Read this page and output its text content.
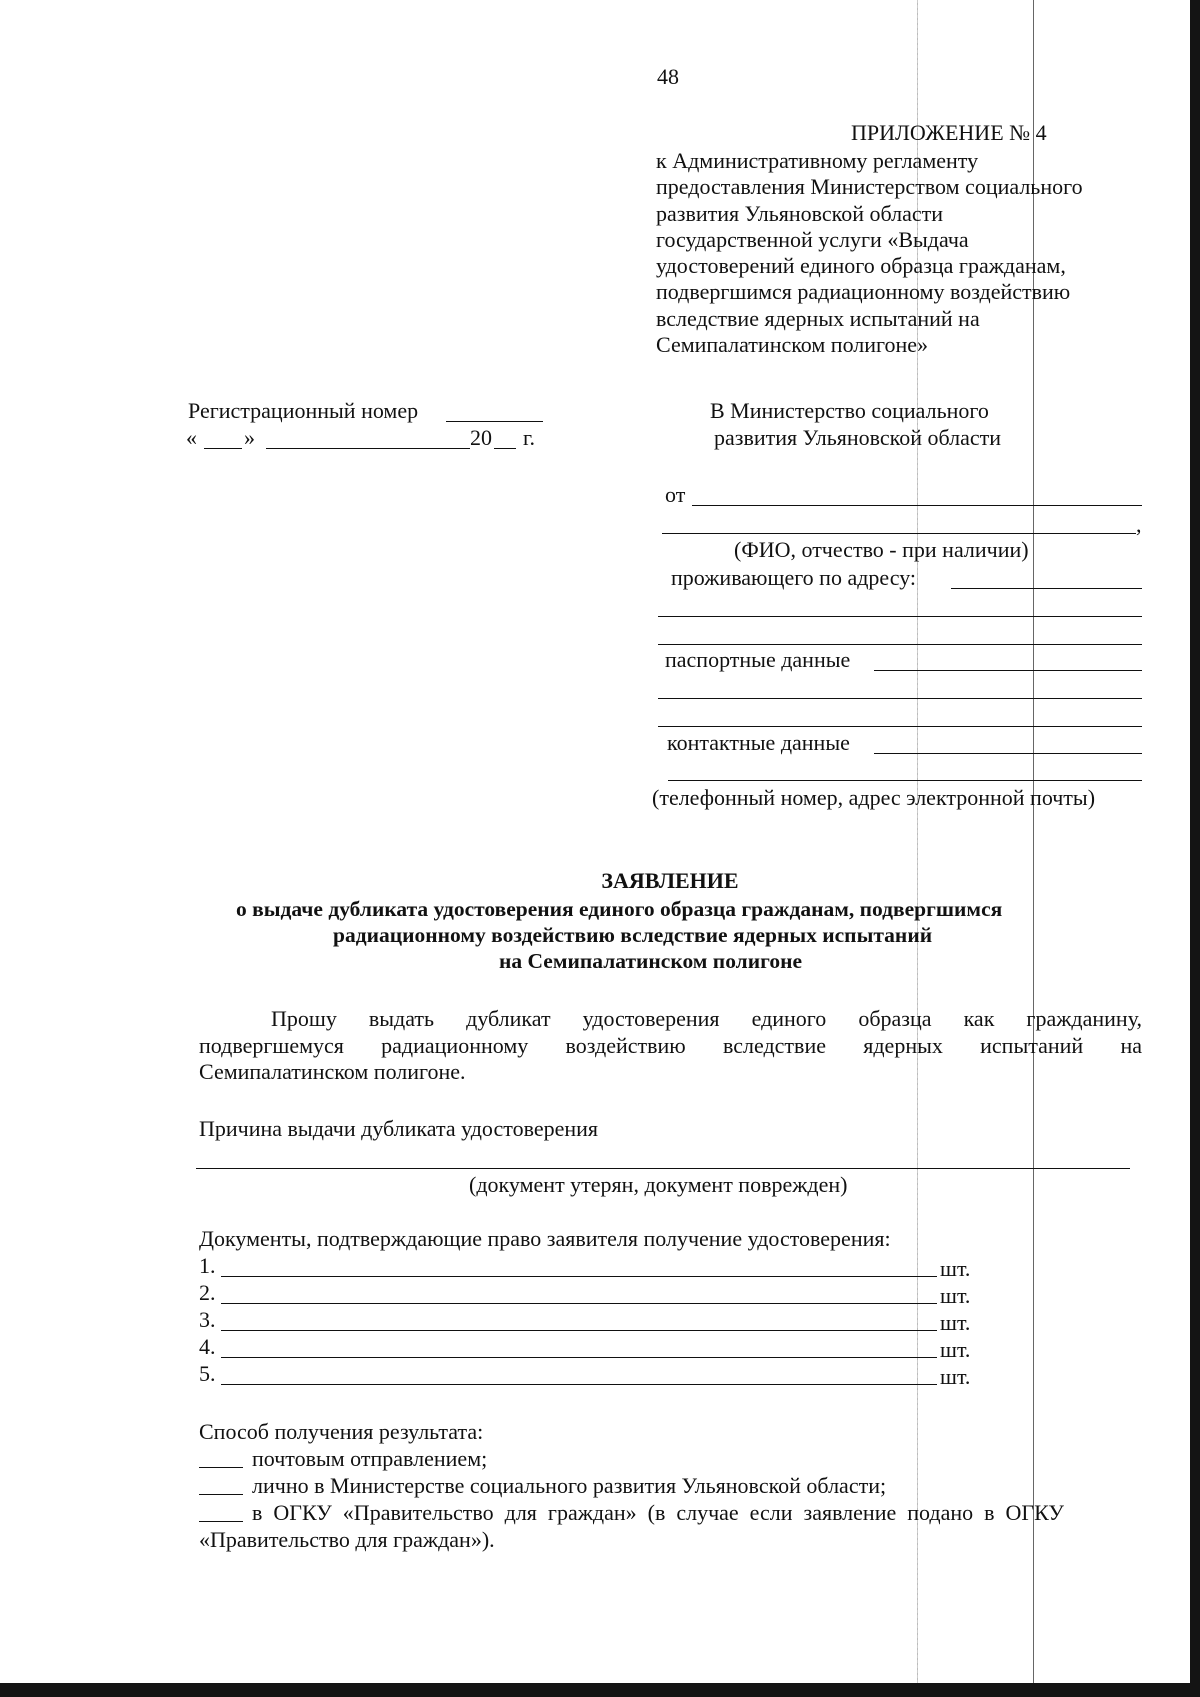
48
ПРИЛОЖЕНИЕ № 4
к Административному регламенту
предоставления Министерством социального
развития Ульяновской области
государственной услуги «Выдача
удостоверений единого образца гражданам,
подвергшимся радиационному воздействию
вследствие ядерных испытаний на
Семипалатинском полигоне»
Регистрационный номер
« »	20 г.
В Министерство социального
развития Ульяновской области
от
,
(ФИО, отчество - при наличии)
проживающего по адресу:
паспортные данные
контактные данные
(телефонный номер, адрес электронной почты)
ЗАЯВЛЕНИЕ
о выдаче дубликата удостоверения единого образца гражданам, подвергшимся
радиационному воздействию вследствие ядерных испытаний
на Семипалатинском полигоне
Прошу выдать дубликат удостоверения единого образца как гражданину,
подвергшемуся радиационному воздействию вследствие ядерных испытаний на
Семипалатинском полигоне.
Причина выдачи дубликата удостоверения
(документ утерян, документ поврежден)
Документы, подтверждающие право заявителя получение удостоверения:
1.	шт.
2.	шт.
3.	шт.
4.	шт.
5.	шт.
Способ получения результата:
почтовым отправлением;
лично в Министерстве социального развития Ульяновской области;
в  ОГКУ  «Правительство  для  граждан»  (в  случае  если  заявление  подано  в  ОГКУ
«Правительство для граждан»).
